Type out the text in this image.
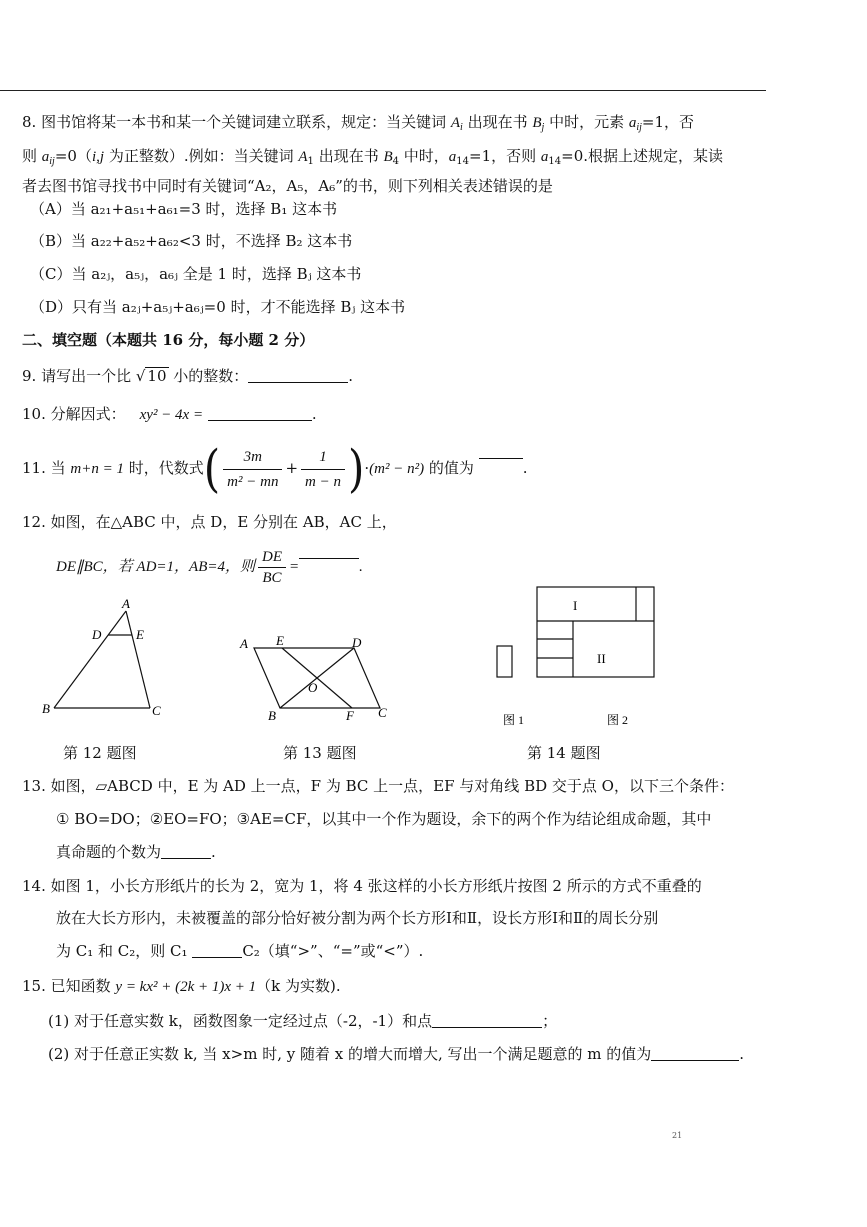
8. 图书馆将某一本书和某一个关键词建立联系，规定：当关键词 $A_i$ 出现在书 $B_j$ 中时，元素 $a_{ij}=1$，否
则 $a_{ij}=0(i,j$ 为正整数）.例如：当关键词 $A_1$ 出现在书 $B_4$ 中时，$a_{14}=1$，否则 $a_{14}=0$.根据上述规定，某读
者去图书馆寻找书中同时有关键词“A₂，A₅，A₆”的书，则下列相关表述错误的是
（A）当 a₂₁+a₅₁+a₆₁=3 时，选择 B₁ 这本书
（B）当 a₂₂+a₅₂+a₆₂<3 时，不选择 B₂ 这本书
（C）当 a₂ⱼ，a₅ⱼ，a₆ⱼ 全是 1 时，选择 Bⱼ 这本书
（D）只有当 a₂ⱼ+a₅ⱼ+a₆ⱼ=0 时，才不能选择 Bⱼ 这本书
二、填空题（本题共 16 分，每小题 2 分）
9. 请写出一个比 √ 10 小的整数：	.
10. 分解因式： xy² − 4x =	.
11. 当 m+n = 1 时，代数式( $\frac{3m}{\text{m² − mn}} + \frac{1}{m - n} )\cdot(m^2 - n^2)$ 的值为	.
12. 如图，在△ABC 中，点 D，E 分别在 AB，AC 上，
DE∥BC，若 AD=1，AB=4，则 $\frac{DE}{BC}$ =	.
A
D	E
B	C
A E	D
O
B	F C
I
II
图 1	图 2
第 12 题图	第 13 题图	第 14 题图
13. 如图，▱ABCD 中，E 为 AD 上一点，F 为 BC 上一点，EF 与对角线 BD 交于点 O，以下三个条件：
① BO=DO；②EO=FO；③AE=CF，以其中一个作为题设，余下的两个作为结论组成命题，其中
真命题的个数为	.
14. 如图 1，小长方形纸片的长为 2，宽为 1，将 4 张这样的小长方形纸片按图 2 所示的方式不重叠的
放在大长方形内，未被覆盖的部分恰好被分割为两个长方形Ⅰ和Ⅱ，设长方形Ⅰ和Ⅱ的周长分别
为 C₁ 和 C₂，则 C₁	C₂（填“>”、“=”或“<”）.
15. 已知函数 y = kx² + (2k + 1)x + 1（k 为实数).
(1) 对于任意实数 k，函数图象一定经过点（-2，-1）和点	；
(2) 对于任意正实数 k, 当 x>m 时, y 随着 x 的增大而增大, 写出一个满足题意的 m 的值为	.
21
